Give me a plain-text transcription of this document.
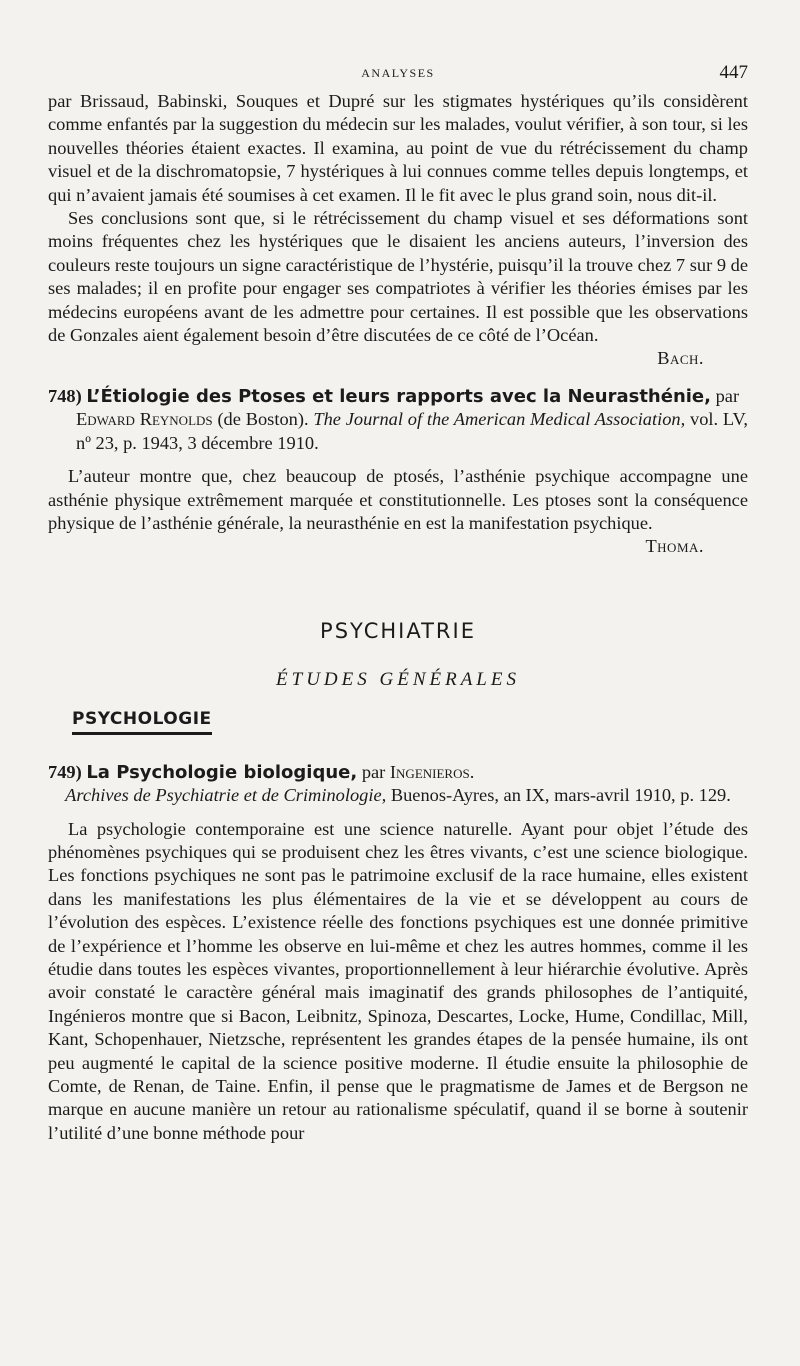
ANALYSES	447

par Brissaud, Babinski, Souques et Dupré sur les stigmates hystériques qu’ils considèrent comme enfantés par la suggestion du médecin sur les malades, voulut vérifier, à son tour, si les nouvelles théories étaient exactes. Il examina, au point de vue du rétrécissement du champ visuel et de la dischromatopsie, 7 hystériques à lui connues comme telles depuis longtemps, et qui n’avaient jamais été soumises à cet examen. Il le fit avec le plus grand soin, nous dit-il.

Ses conclusions sont que, si le rétrécissement du champ visuel et ses déformations sont moins fréquentes chez les hystériques que le disaient les anciens auteurs, l’inversion des couleurs reste toujours un signe caractéristique de l’hystérie, puisqu’il la trouve chez 7 sur 9 de ses malades; il en profite pour engager ses compatriotes à vérifier les théories émises par les médecins européens avant de les admettre pour certaines. Il est possible que les observations de Gonzales aient également besoin d’être discutées de ce côté de l’Océan.

Bach.

748) L’Étiologie des Ptoses et leurs rapports avec la Neurasthénie, par
Edward Reynolds (de Boston). The Journal of the American Medical Association, vol. LV, nº 23, p. 1943, 3 décembre 1910.

L’auteur montre que, chez beaucoup de ptosés, l’asthénie psychique accompagne une asthénie physique extrêmement marquée et constitutionnelle. Les ptoses sont la conséquence physique de l’asthénie générale, la neurasthénie en est la manifestation psychique.

Thoma.

PSYCHIATRIE
ÉTUDES GÉNÉRALES
PSYCHOLOGIE
749) La Psychologie biologique, par Ingenieros.
Archives de Psychiatrie et de Criminologie, Buenos-Ayres, an IX, mars-avril 1910, p. 129.

La psychologie contemporaine est une science naturelle. Ayant pour objet l’étude des phénomènes psychiques qui se produisent chez les êtres vivants, c’est une science biologique. Les fonctions psychiques ne sont pas le patrimoine exclusif de la race humaine, elles existent dans les manifestations les plus élémentaires de la vie et se développent au cours de l’évolution des espèces. L’existence réelle des fonctions psychiques est une donnée primitive de l’expérience et l’homme les observe en lui-même et chez les autres hommes, comme il les étudie dans toutes les espèces vivantes, proportionnellement à leur hiérarchie évolutive. Après avoir constaté le caractère général mais imaginatif des grands philosophes de l’antiquité, Ingénieros montre que si Bacon, Leibnitz, Spinoza, Descartes, Locke, Hume, Condillac, Mill, Kant, Schopenhauer, Nietzsche, représentent les grandes étapes de la pensée humaine, ils ont peu augmenté le capital de la science positive moderne. Il étudie ensuite la philosophie de Comte, de Renan, de Taine. Enfin, il pense que le pragmatisme de James et de Bergson ne marque en aucune manière un retour au rationalisme spéculatif, quand il se borne à soutenir l’utilité d’une bonne méthode pour
